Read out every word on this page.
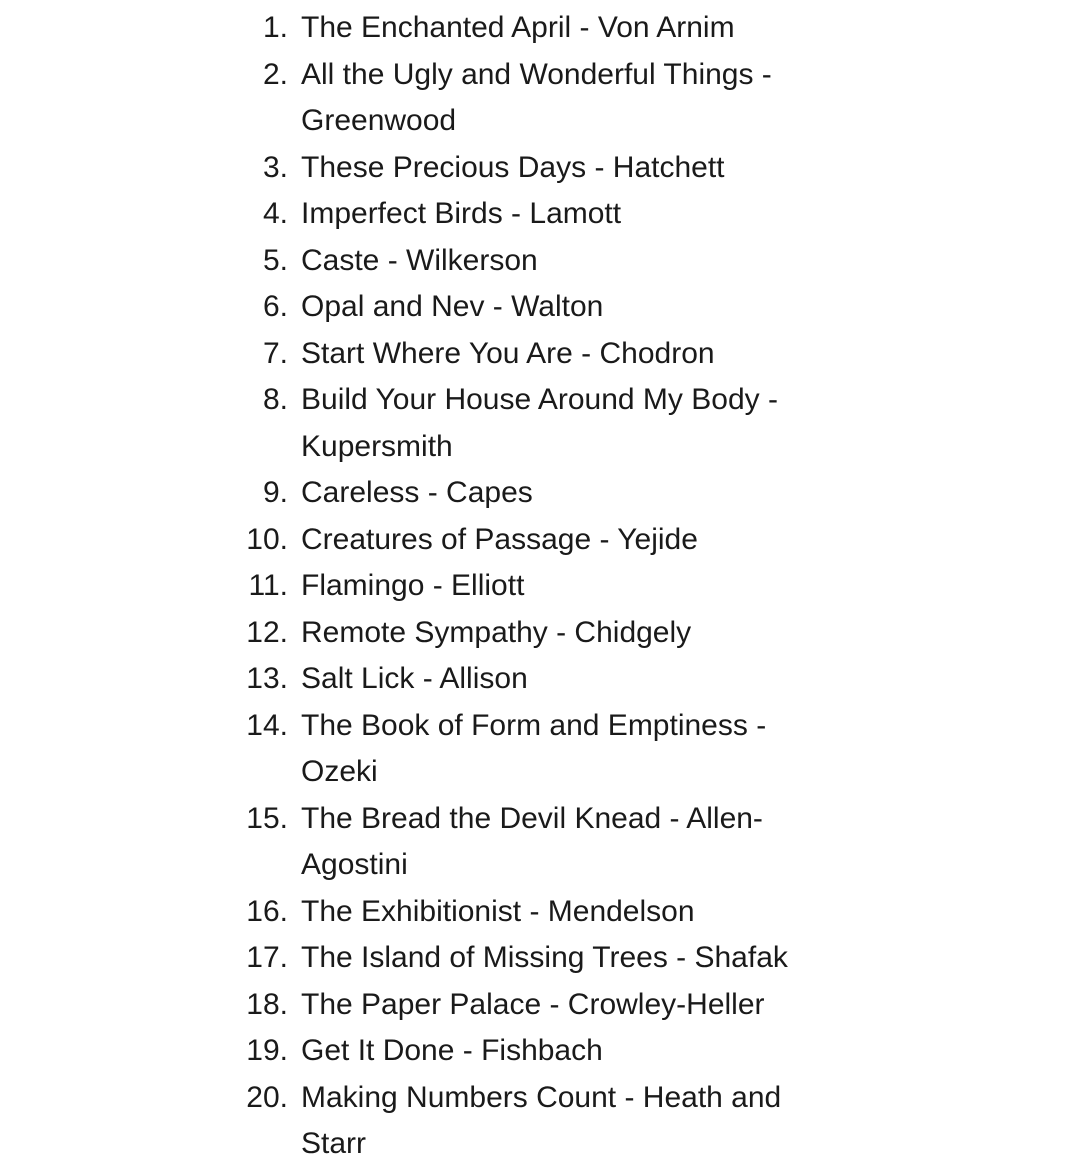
1. The Enchanted April - Von Arnim
2. All the Ugly and Wonderful Things - Greenwood
3. These Precious Days - Hatchett
4. Imperfect Birds - Lamott
5. Caste - Wilkerson
6. Opal and Nev - Walton
7. Start Where You Are - Chodron
8. Build Your House Around My Body - Kupersmith
9. Careless - Capes
10. Creatures of Passage - Yejide
11. Flamingo - Elliott
12. Remote Sympathy - Chidgely
13. Salt Lick - Allison
14. The Book of Form and Emptiness - Ozeki
15. The Bread the Devil Knead - Allen-Agostini
16. The Exhibitionist - Mendelson
17. The Island of Missing Trees - Shafak
18. The Paper Palace - Crowley-Heller
19. Get It Done - Fishbach
20. Making Numbers Count - Heath and Starr
